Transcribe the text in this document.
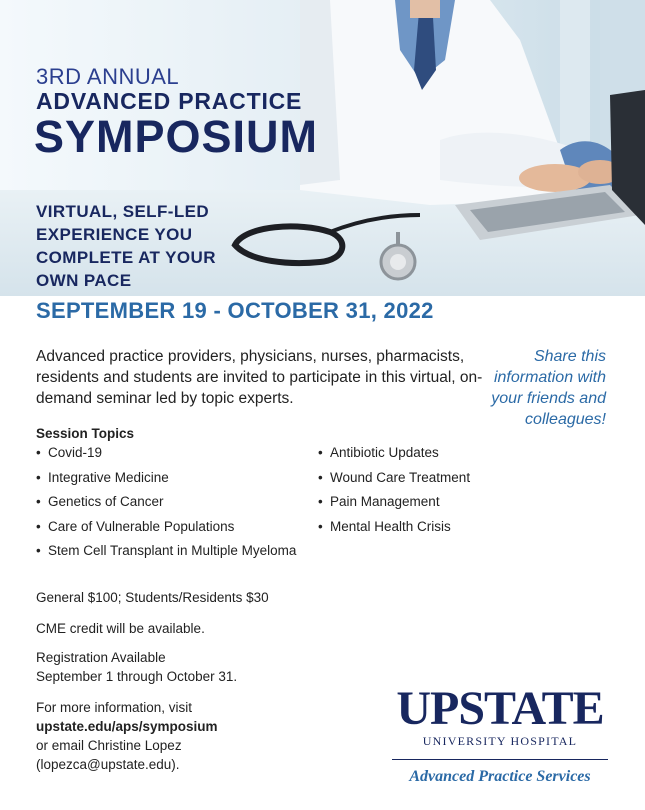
3RD ANNUAL
ADVANCED PRACTICE
SYMPOSIUM
VIRTUAL, SELF-LED EXPERIENCE YOU COMPLETE AT YOUR OWN PACE
SEPTEMBER 19 - OCTOBER 31, 2022
Advanced practice providers, physicians, nurses, pharmacists, residents and students are invited to participate in this virtual, on-demand seminar led by topic experts.
Share this information with your friends and colleagues!
Session Topics
• Covid-19
• Integrative Medicine
• Genetics of Cancer
• Care of Vulnerable Populations
• Stem Cell Transplant in Multiple Myeloma
• Antibiotic Updates
• Wound Care Treatment
• Pain Management
• Mental Health Crisis
General $100; Students/Residents $30
CME credit will be available.
Registration Available
September 1 through October 31.
For more information, visit
upstate.edu/aps/symposium
or email Christine Lopez
(lopezca@upstate.edu).
UPSTATE
UNIVERSITY HOSPITAL
Advanced Practice Services
